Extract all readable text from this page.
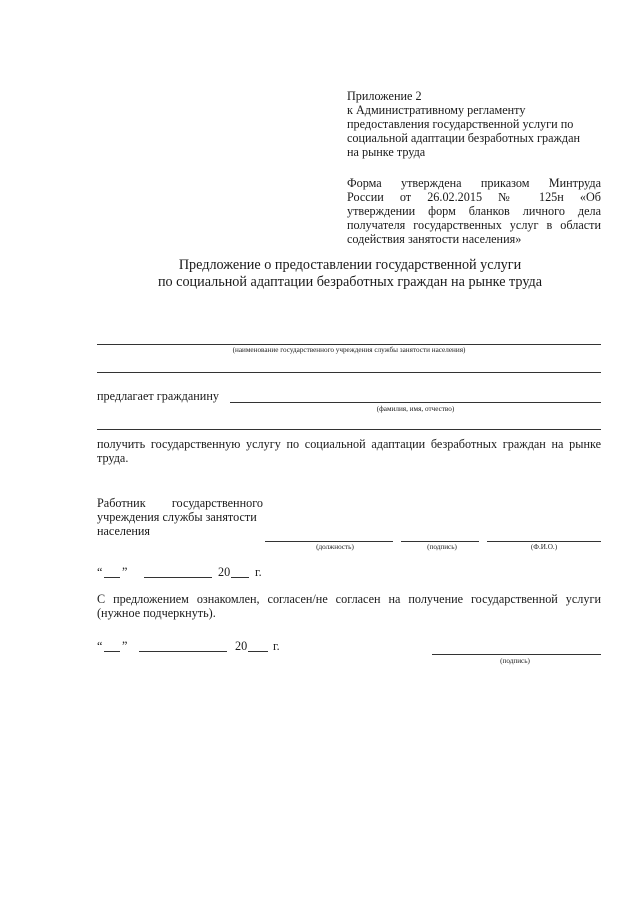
Приложение 2
к Административному регламенту
предоставления государственной услуги по
социальной адаптации безработных граждан
на рынке труда
Форма утверждена приказом Минтруда
России от 26.02.2015 № 125н «Об
утверждении форм бланков личного дела
получателя государственных услуг в области
содействия занятости населения»
Предложение о предоставлении государственной услуги
по социальной адаптации безработных граждан на рынке труда
(наименование государственного учреждения службы занятости населения)
предлагает гражданину
(фамилия, имя, отчество)
получить государственную услугу по социальной адаптации безработных граждан на рынке
труда.
Работник государственного
учреждения службы занятости
населения
(должность)	(подпись)	(Ф.И.О.)
“ ”	20 г.
С предложением ознакомлен, согласен/не согласен на получение государственной услуги
(нужное подчеркнуть).
“ ”	20 г.
(подпись)
